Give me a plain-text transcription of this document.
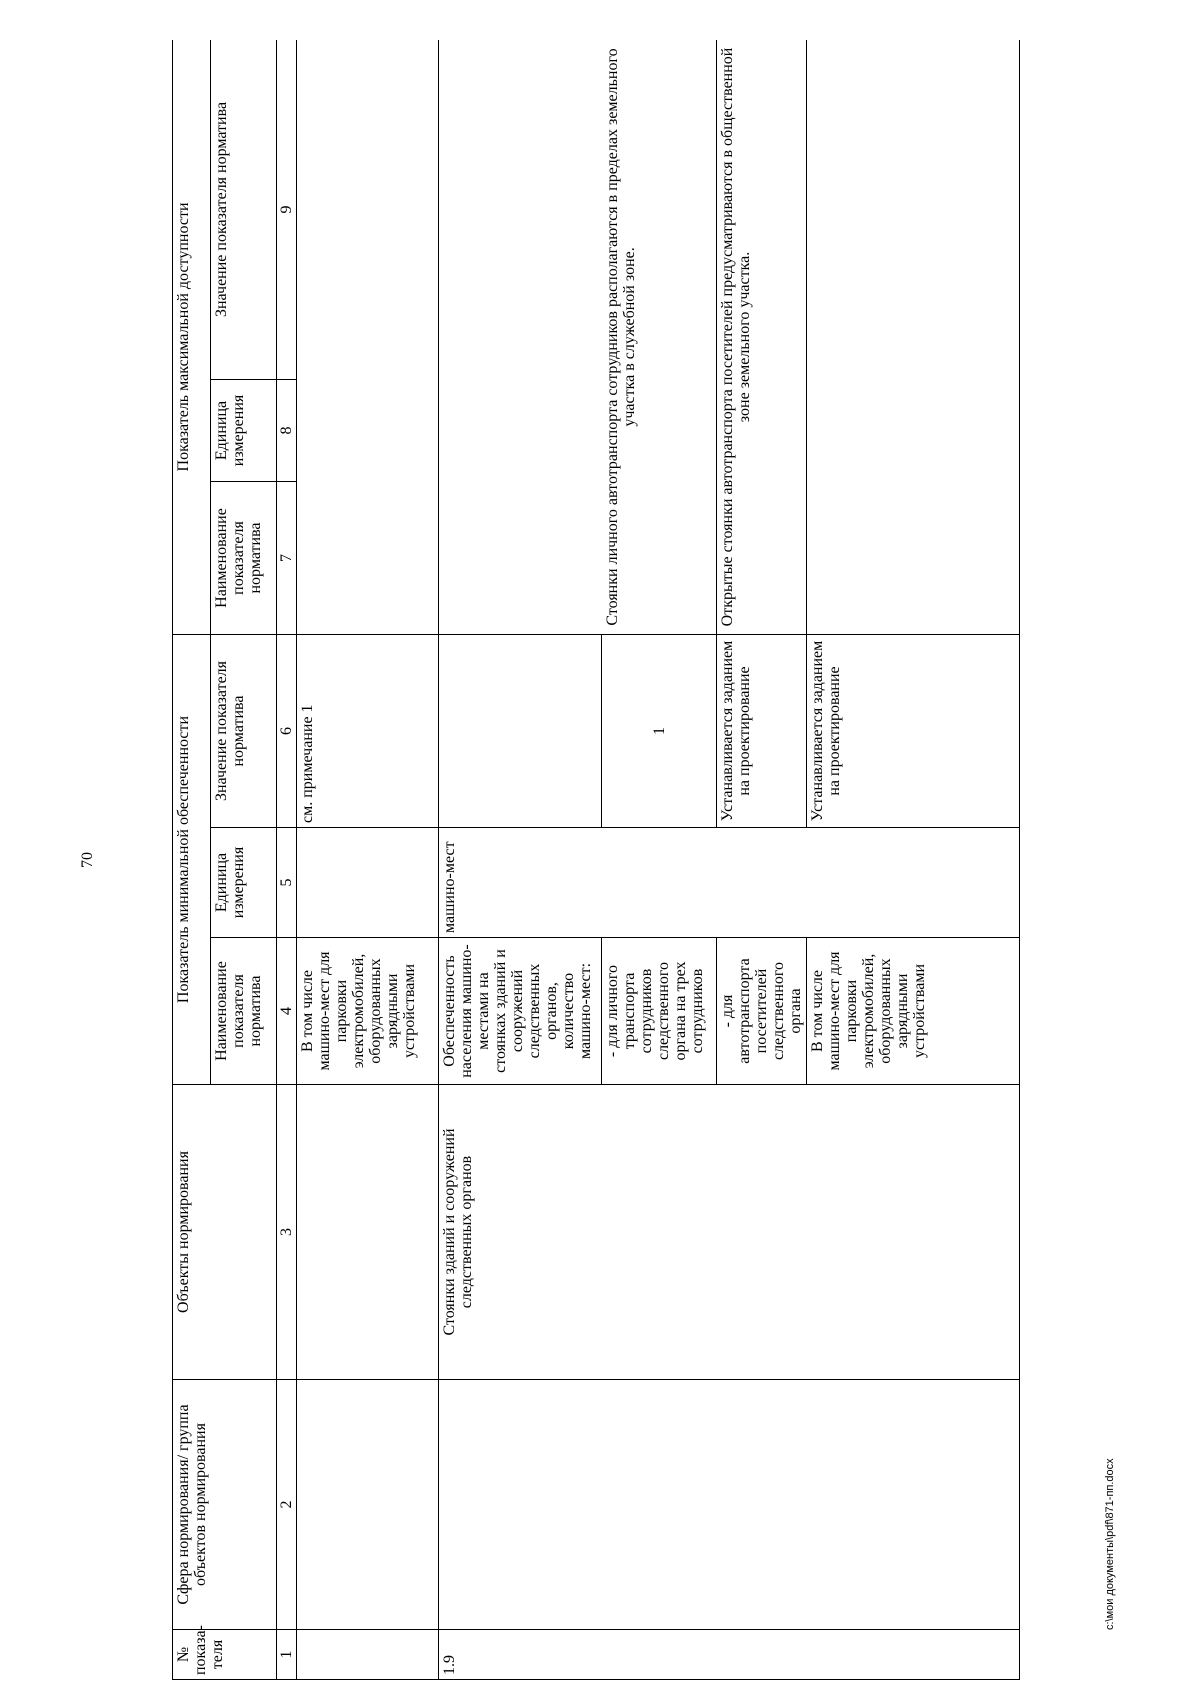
70
№ показа-теля	Сфера нормирования/ группа объектов нормирования	Объекты нормирования	Показатель минимальной обеспеченности			Показатель максимальной доступности		
			Наименование показателя норматива	Единица измерения	Значение показателя норматива	Наименование показателя норматива	Единица измерения	Значение показателя норматива
1	2	3	4	5	6	7	8	9
			В том числе машино-мест для парковки электромобилей, оборудованных зарядными устройствами		см. примечание 1			
1.9		Стоянки зданий и сооружений следственных органов	Обеспеченность населения машино-местами на стоянках зданий и сооружений следственных органов, количество машино-мест:	машино-мест				
			- для личного транспорта сотрудников следственного органа на трех сотрудников		1	Стоянки личного автотранспорта сотрудников располагаются в пределах земельного участка в служебной зоне.		
			- для автотранспорта посетителей следственного органа		Устанавливается заданием на проектирование	Открытые стоянки автотранспорта посетителей предусматриваются в общественной зоне земельного участка.		
			В том числе машино-мест для парковки электромобилей, оборудованных зарядными устройствами		Устанавливается заданием на проектирование			
c:\мои документы\pdf\871-пп.docx
